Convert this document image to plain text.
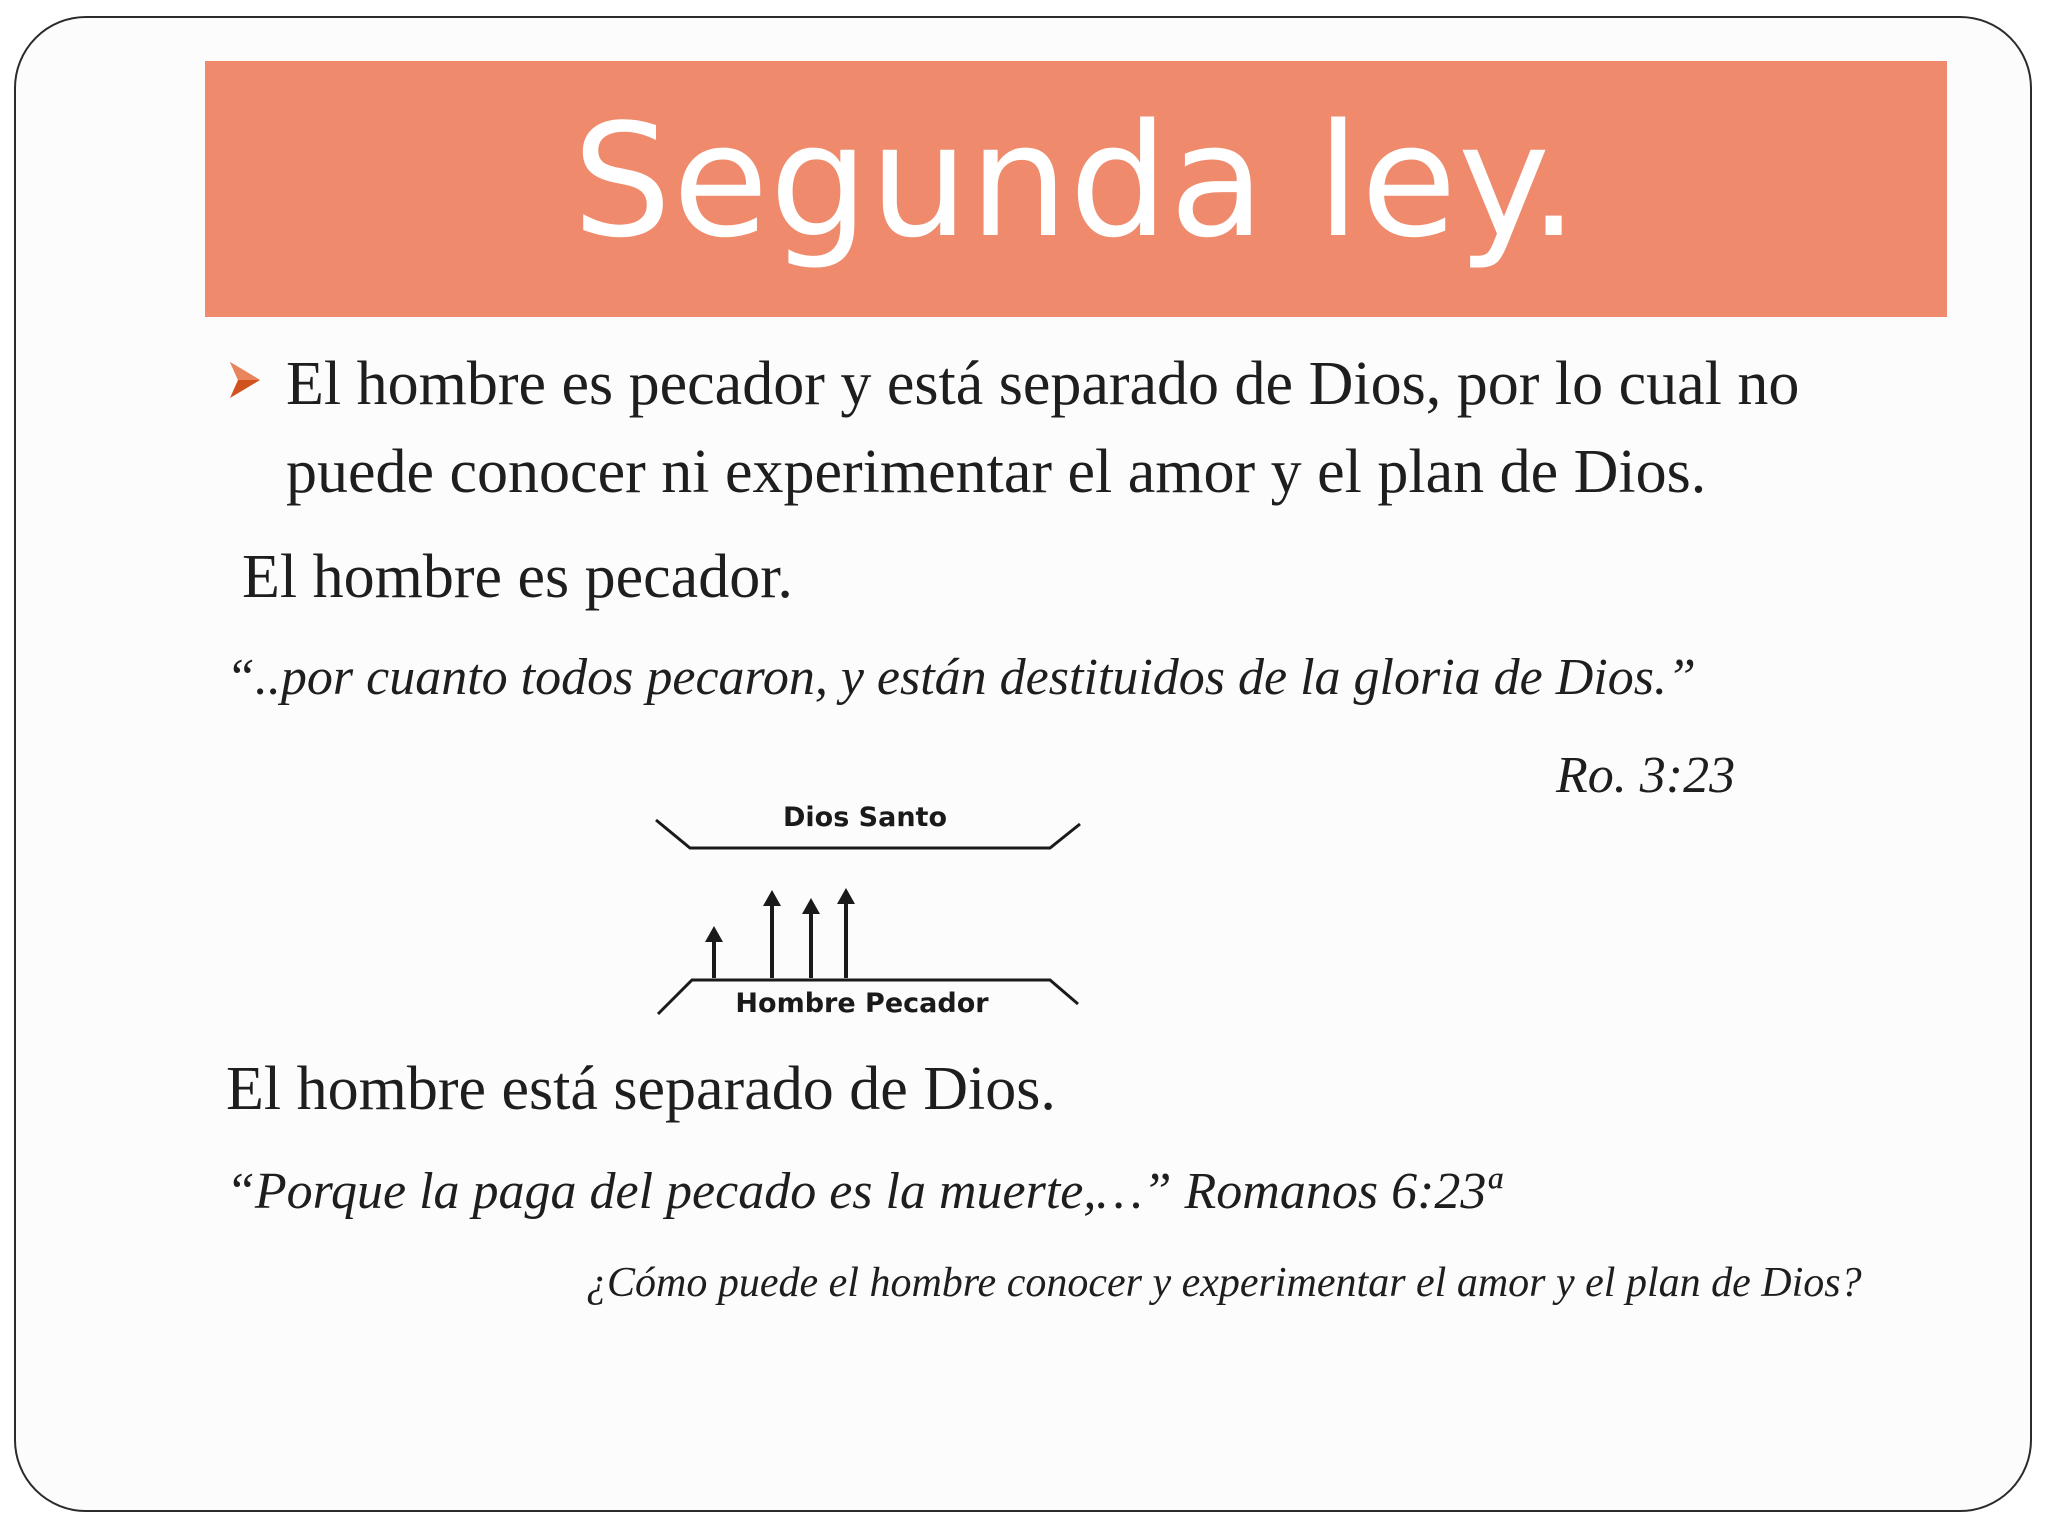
Segunda ley.
El hombre es pecador y está separado de Dios, por lo cual no puede conocer ni experimentar el amor y el plan de Dios.
El hombre es pecador.
“..por cuanto todos pecaron, y están destituidos de la gloria de Dios.”
Ro. 3:23
Dios Santo
Hombre Pecador
El hombre está separado de Dios.
“Porque la paga del pecado es la muerte,…” Romanos 6:23ª
¿Cómo puede el hombre conocer y experimentar el amor y el plan de Dios?
